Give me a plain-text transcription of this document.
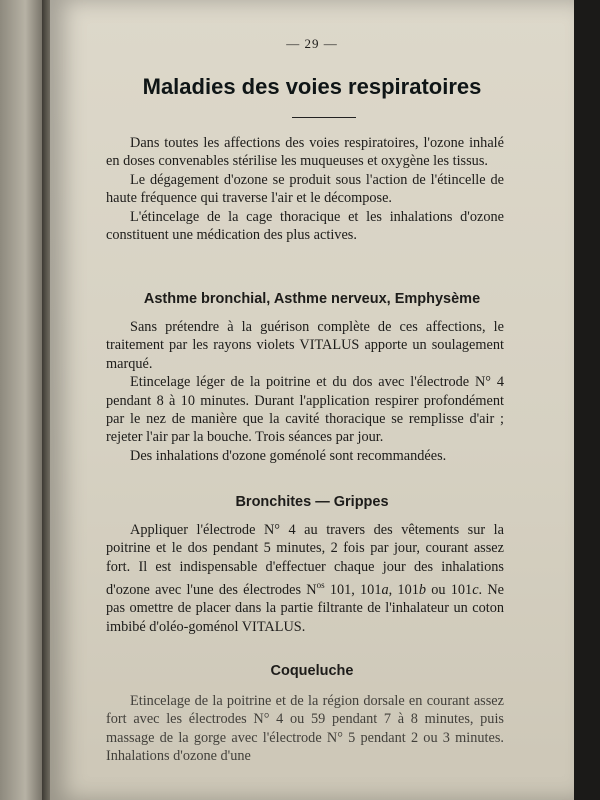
— 29 —
Maladies des voies respiratoires

Dans toutes les affections des voies respiratoires, l'ozone inhalé en doses convenables stérilise les muqueuses et oxygène les tissus.

Le dégagement d'ozone se produit sous l'action de l'étincelle de haute fréquence qui traverse l'air et le décompose.

L'étincelage de la cage thoracique et les inhalations d'ozone constituent une médication des plus actives.

Asthme bronchial, Asthme nerveux, Emphysème

Sans prétendre à la guérison complète de ces affections, le traitement par les rayons violets VITALUS apporte un soulagement marqué.

Etincelage léger de la poitrine et du dos avec l'électrode N° 4 pendant 8 à 10 minutes. Durant l'application respirer profondément par le nez de manière que la cavité thoracique se remplisse d'air ; rejeter l'air par la bouche. Trois séances par jour.

Des inhalations d'ozone goménolé sont recommandées.

Bronchites — Grippes

Appliquer l'électrode N° 4 au travers des vêtements sur la poitrine et le dos pendant 5 minutes, 2 fois par jour, courant assez fort. Il est indispensable d'effectuer chaque jour des inhalations d'ozone avec l'une des électrodes $N^{os}$ 101, 101a, 101b ou 101c. Ne pas omettre de placer dans la partie filtrante de l'inhalateur un coton imbibé d'oléo-goménol VITALUS.

Coqueluche

Etincelage de la poitrine et de la région dorsale en courant assez fort avec les électrodes N° 4 ou 59 pendant 7 à 8 minutes, puis massage de la gorge avec l'électrode N° 5 pendant 2 ou 3 minutes. Inhalations d'ozone d'une
